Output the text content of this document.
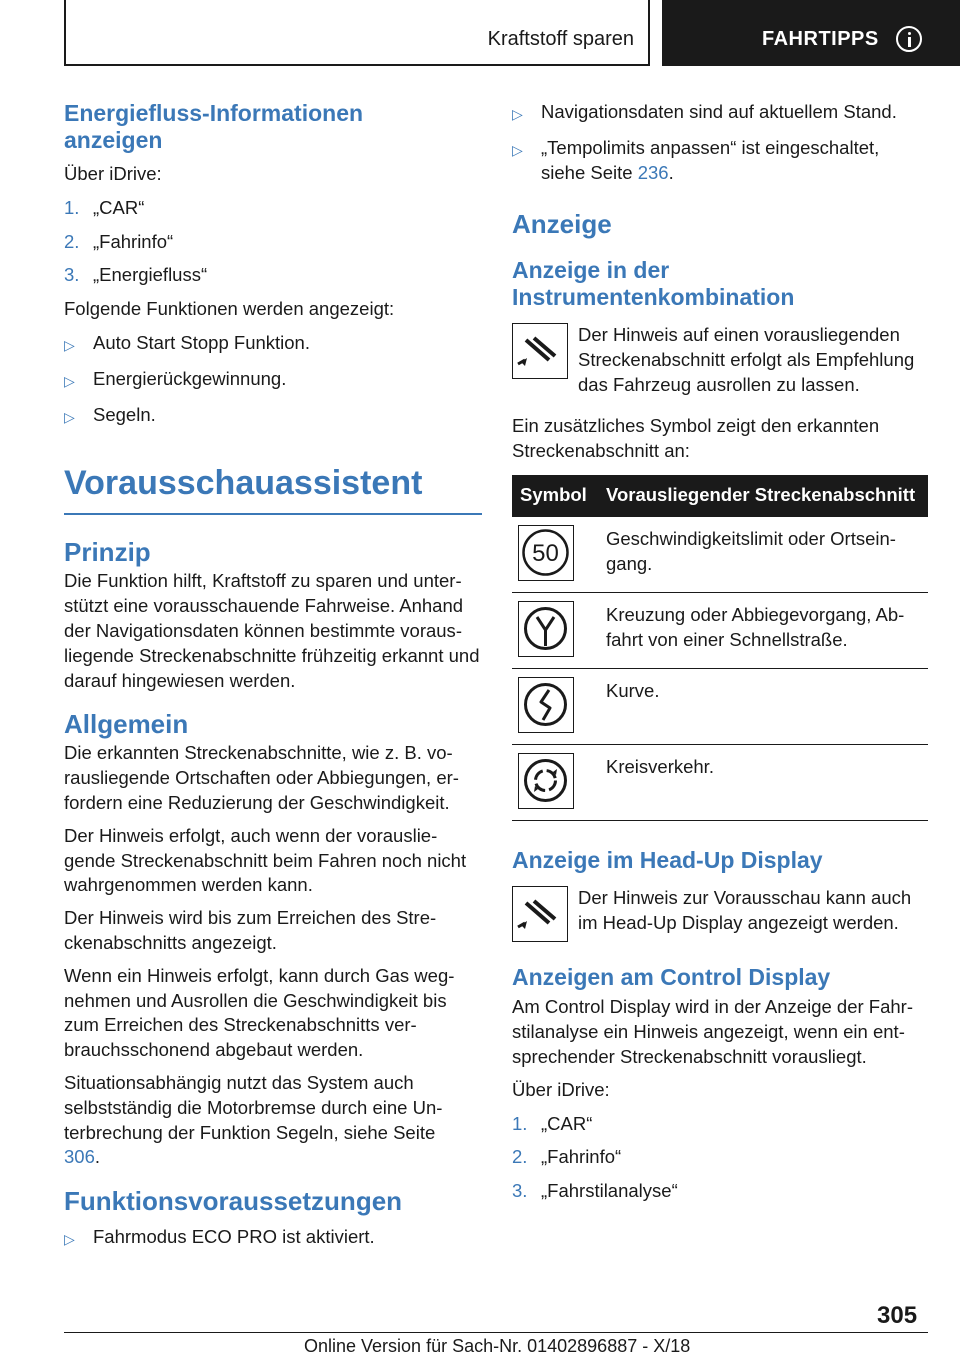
Kraftstoff sparen	FAHRTIPPS
Energiefluss-Informationen anzeigen

Über iDrive:

1. „CAR“
2. „Fahrinfo“
3. „Energiefluss“

Folgende Funktionen werden angezeigt:

▷ Auto Start Stopp Funktion.
▷ Energierückgewinnung.
▷ Segeln.
Vorausschauassistent
Prinzip

Die Funktion hilft, Kraftstoff zu sparen und unterstützt eine vorausschauende Fahrweise. Anhand der Navigationsdaten können bestimmte vorausliegende Streckenabschnitte frühzeitig erkannt und darauf hingewiesen werden.

Allgemein

Die erkannten Streckenabschnitte, wie z. B. vorausliegende Ortschaften oder Abbiegungen, erfordern eine Reduzierung der Geschwindigkeit.

Der Hinweis erfolgt, auch wenn der vorausliegende Streckenabschnitt beim Fahren noch nicht wahrgenommen werden kann.

Der Hinweis wird bis zum Erreichen des Streckenabschnitts angezeigt.

Wenn ein Hinweis erfolgt, kann durch Gas wegnehmen und Ausrollen die Geschwindigkeit bis zum Erreichen des Streckenabschnitts verbrauchsschonend abgebaut werden.

Situationsabhängig nutzt das System auch selbstständig die Motorbremse durch eine Unterbrechung der Funktion Segeln, siehe Seite 306.

Funktionsvoraussetzungen
▷ Fahrmodus ECO PRO ist aktiviert.
▷ Navigationsdaten sind auf aktuellem Stand.
▷ „Tempolimits anpassen“ ist eingeschaltet, siehe Seite 236.
Anzeige
Anzeige in der Instrumentenkombination

Der Hinweis auf einen vorausliegenden Streckenabschnitt erfolgt als Empfehlung das Fahrzeug ausrollen zu lassen.

Ein zusätzliches Symbol zeigt den erkannten Streckenabschnitt an:

Symbol	Vorausliegender Streckenabschnitt
50
Geschwindigkeitslimit oder Ortseingang.
Kreuzung oder Abbiegevorgang, Abfahrt von einer Schnellstraße.
Kurve.
Kreisverkehr.
Anzeige im Head-Up Display

Der Hinweis zur Vorausschau kann auch im Head-Up Display angezeigt werden.

Anzeigen am Control Display

Am Control Display wird in der Anzeige der Fahrstilanalyse ein Hinweis angezeigt, wenn ein entsprechender Streckenabschnitt vorausliegt.

Über iDrive:

1. „CAR“
2. „Fahrinfo“
3. „Fahrstilanalyse“
305
Online Version für Sach-Nr. 01402896887 - X/18
